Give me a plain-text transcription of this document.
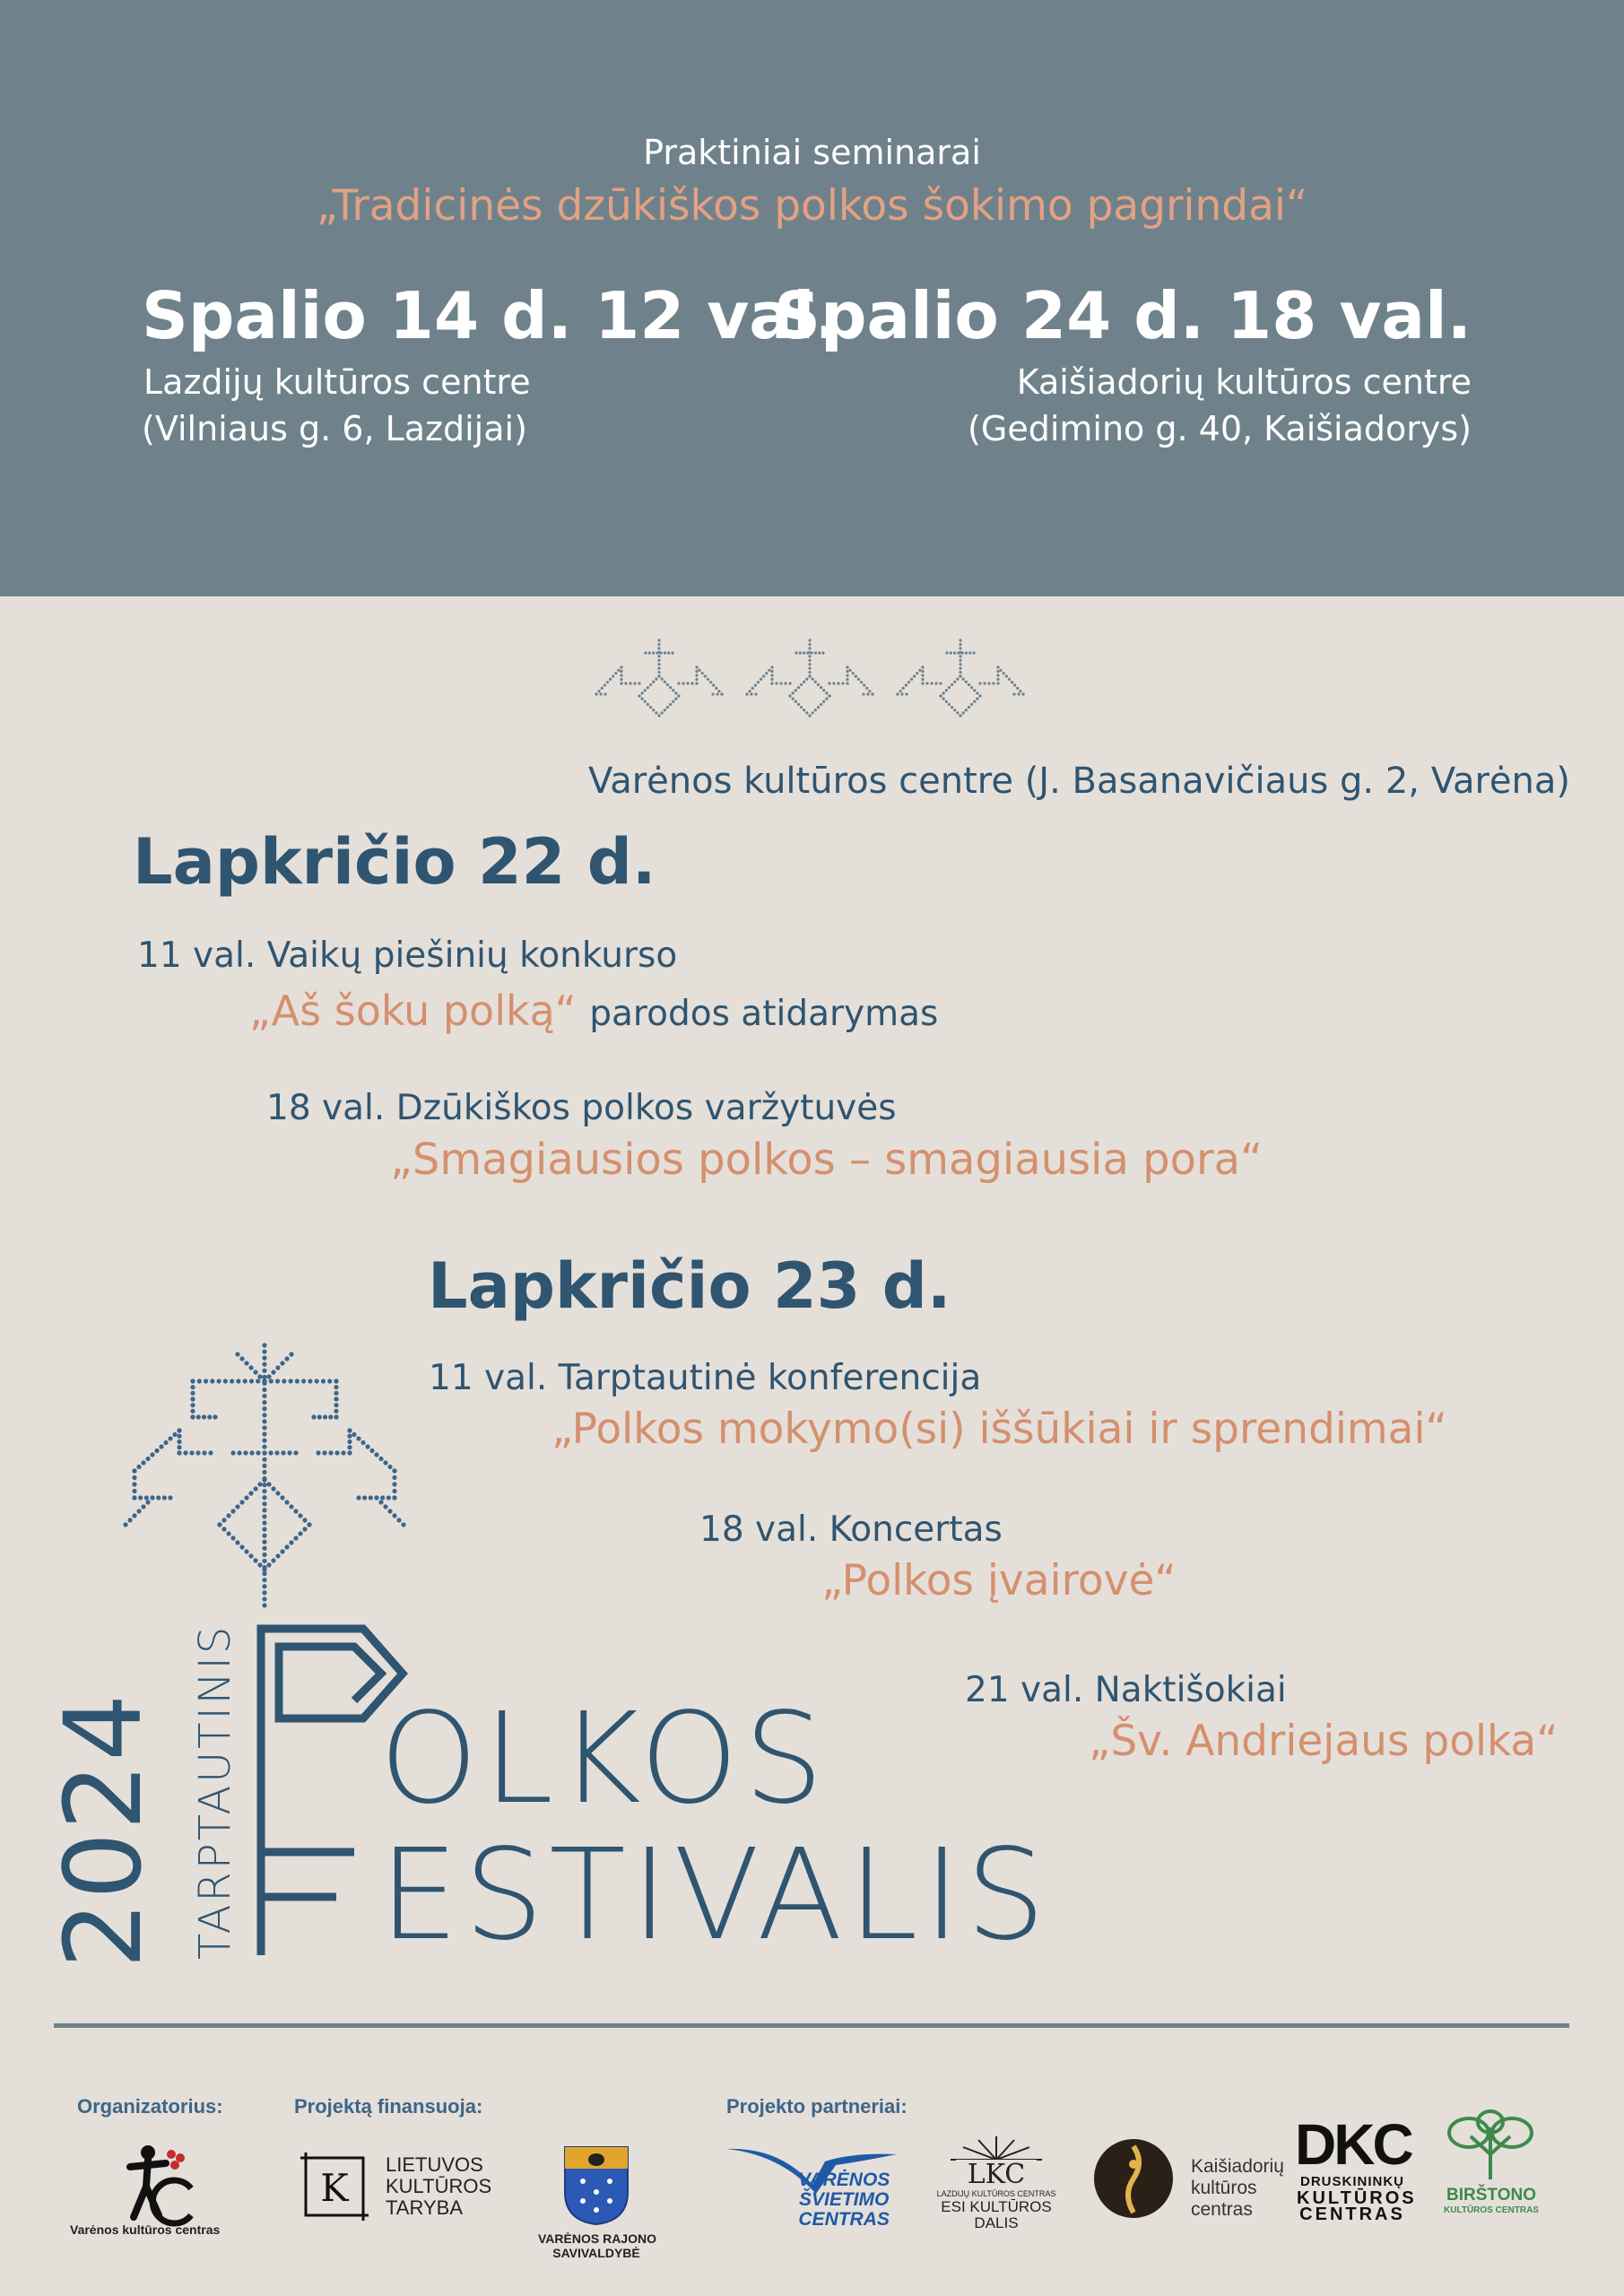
Praktiniai seminarai
„Tradicinės dzūkiškos polkos šokimo pagrindai“
Spalio 14 d. 12 val.
Lazdijų kultūros centre
(Vilniaus g. 6, Lazdijai)
Spalio 24 d. 18 val.
Kaišiadorių kultūros centre
(Gedimino g. 40, Kaišiadorys)
Varėnos kultūros centre (J. Basanavičiaus g. 2, Varėna)
Lapkričio 22 d.
11 val. Vaikų piešinių konkurso
„Aš šoku polką“ parodos atidarymas
18 val. Dzūkiškos polkos varžytuvės
„Smagiausios polkos – smagiausia pora“
Lapkričio 23 d.
11 val. Tarptautinė konferencija
„Polkos mokymo(si) iššūkiai ir sprendimai“
18 val. Koncertas
„Polkos įvairovė“
21 val. Naktišokiai
„Šv. Andriejaus polka“
2024 TARPTAUTINIS OLKOS
ESTIVALIS
Organizatorius:	Projektą finansuoja:	Projekto partneriai:
Varėnos kultūros centras
K
LIETUVOS
KULTŪROS
TARYBA
VARĖNOS RAJONO
SAVIVALDYBĖ
VARĖNOS
ŠVIETIMO
CENTRAS
LKC
LAZDIJŲ KULTŪROS CENTRAS
ESI KULTŪROS
DALIS
Kaišiadorių
kultūros
centras
DKC
DRUSKININKŲ
KULTŪROS
CENTRAS
BIRŠTONO
KULTŪROS CENTRAS
